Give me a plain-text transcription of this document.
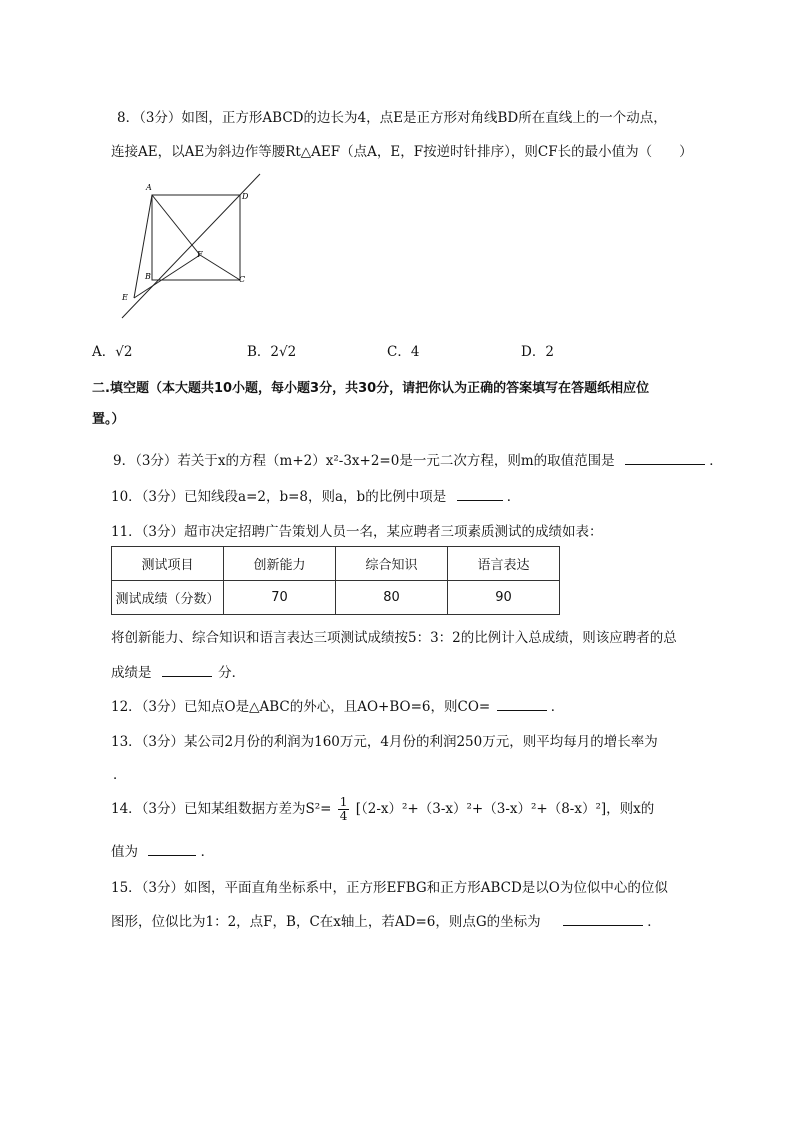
8．（3分）如图，正方形ABCD的边长为4，点E是正方形对角线BD所在直线上的一个动点，
连接AE，以AE为斜边作等腰Rt△AEF（点A，E，F按逆时针排序），则CF长的最小值为（　　）
A
D
B	C
F
E
A．√2	B．2√2	C．4	D．2
二.填空题（本大题共10小题，每小题3分，共30分，请把你认为正确的答案填写在答题纸相应位
置。）
9．（3分）若关于x的方程（m+2）x²-3x+2=0是一元二次方程，则m的取值范围是	．
10．（3分）已知线段a=2，b=8，则a，b的比例中项是	．
11．（3分）超市决定招聘广告策划人员一名，某应聘者三项素质测试的成绩如表：
测试项目	创新能力	综合知识	语言表达
测试成绩（分数）	70	80	90
将创新能力、综合知识和语言表达三项测试成绩按5：3：2的比例计入总成绩，则该应聘者的总
成绩是	分．
12．（3分）已知点O是△ABC的外心，且AO+BO=6，则CO=	．
13．（3分）某公司2月份的利润为160万元，4月份的利润250万元，则平均每月的增长率为
．
14．（3分）已知某组数据方差为$S^2= \frac{1}{4} [(2-x)^2+(3-x)^2+(3-x)^2+(8-x)^2]$，则x的
值为	．
15．（3分）如图，平面直角坐标系中，正方形EFBG和正方形ABCD是以O为位似中心的位似
图形，位似比为1：2，点F，B，C在x轴上，若AD=6，则点G的坐标为	．
